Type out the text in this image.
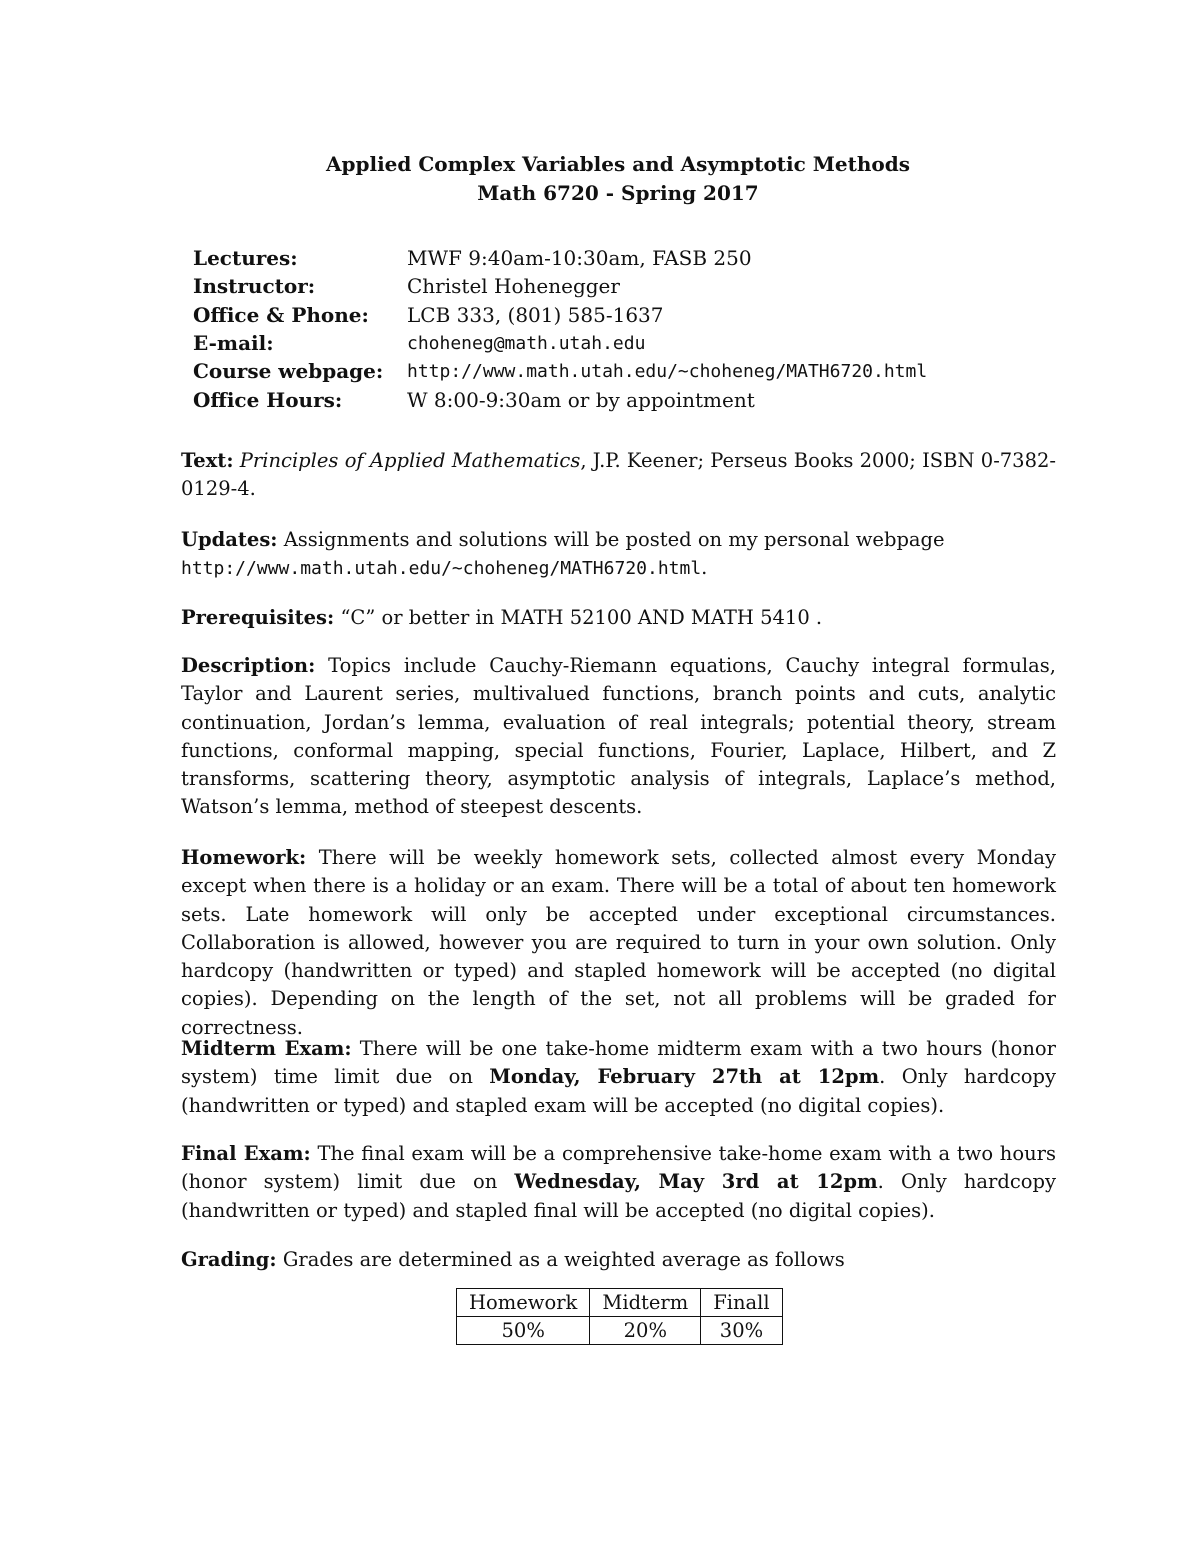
Applied Complex Variables and Asymptotic Methods
Math 6720 - Spring 2017
Lectures:	MWF 9:40am-10:30am, FASB 250
Instructor:	Christel Hohenegger
Office & Phone:	LCB 333, (801) 585-1637
E-mail:	choheneg@math.utah.edu
Course webpage:	http://www.math.utah.edu/~choheneg/MATH6720.html
Office Hours:	W 8:00-9:30am or by appointment
Text: Principles of Applied Mathematics, J.P. Keener; Perseus Books 2000; ISBN 0-7382-0129-4.
Updates: Assignments and solutions will be posted on my personal webpage
http://www.math.utah.edu/~choheneg/MATH6720.html.
Prerequisites: “C” or better in MATH 52100 AND MATH 5410 .
Description: Topics include Cauchy-Riemann equations, Cauchy integral formulas, Taylor and Laurent series, multivalued functions, branch points and cuts, analytic continuation, Jordan’s lemma, evaluation of real integrals; potential theory, stream functions, conformal mapping, special functions, Fourier, Laplace, Hilbert, and Z transforms, scattering theory, asymptotic analysis of integrals, Laplace’s method, Watson’s lemma, method of steepest descents.
Homework: There will be weekly homework sets, collected almost every Monday except when there is a holiday or an exam. There will be a total of about ten homework sets. Late homework will only be accepted under exceptional circumstances. Collaboration is allowed, however you are required to turn in your own solution. Only hardcopy (handwritten or typed) and stapled homework will be accepted (no digital copies). Depending on the length of the set, not all problems will be graded for correctness.
Midterm Exam: There will be one take-home midterm exam with a two hours (honor system) time limit due on Monday, February 27th at 12pm. Only hardcopy (handwritten or typed) and stapled exam will be accepted (no digital copies).
Final Exam: The final exam will be a comprehensive take-home exam with a two hours (honor system) limit due on Wednesday, May 3rd at 12pm. Only hardcopy (handwritten or typed) and stapled final will be accepted (no digital copies).
Grading: Grades are determined as a weighted average as follows
Homework	Midterm	Finall
50%	20%	30%
